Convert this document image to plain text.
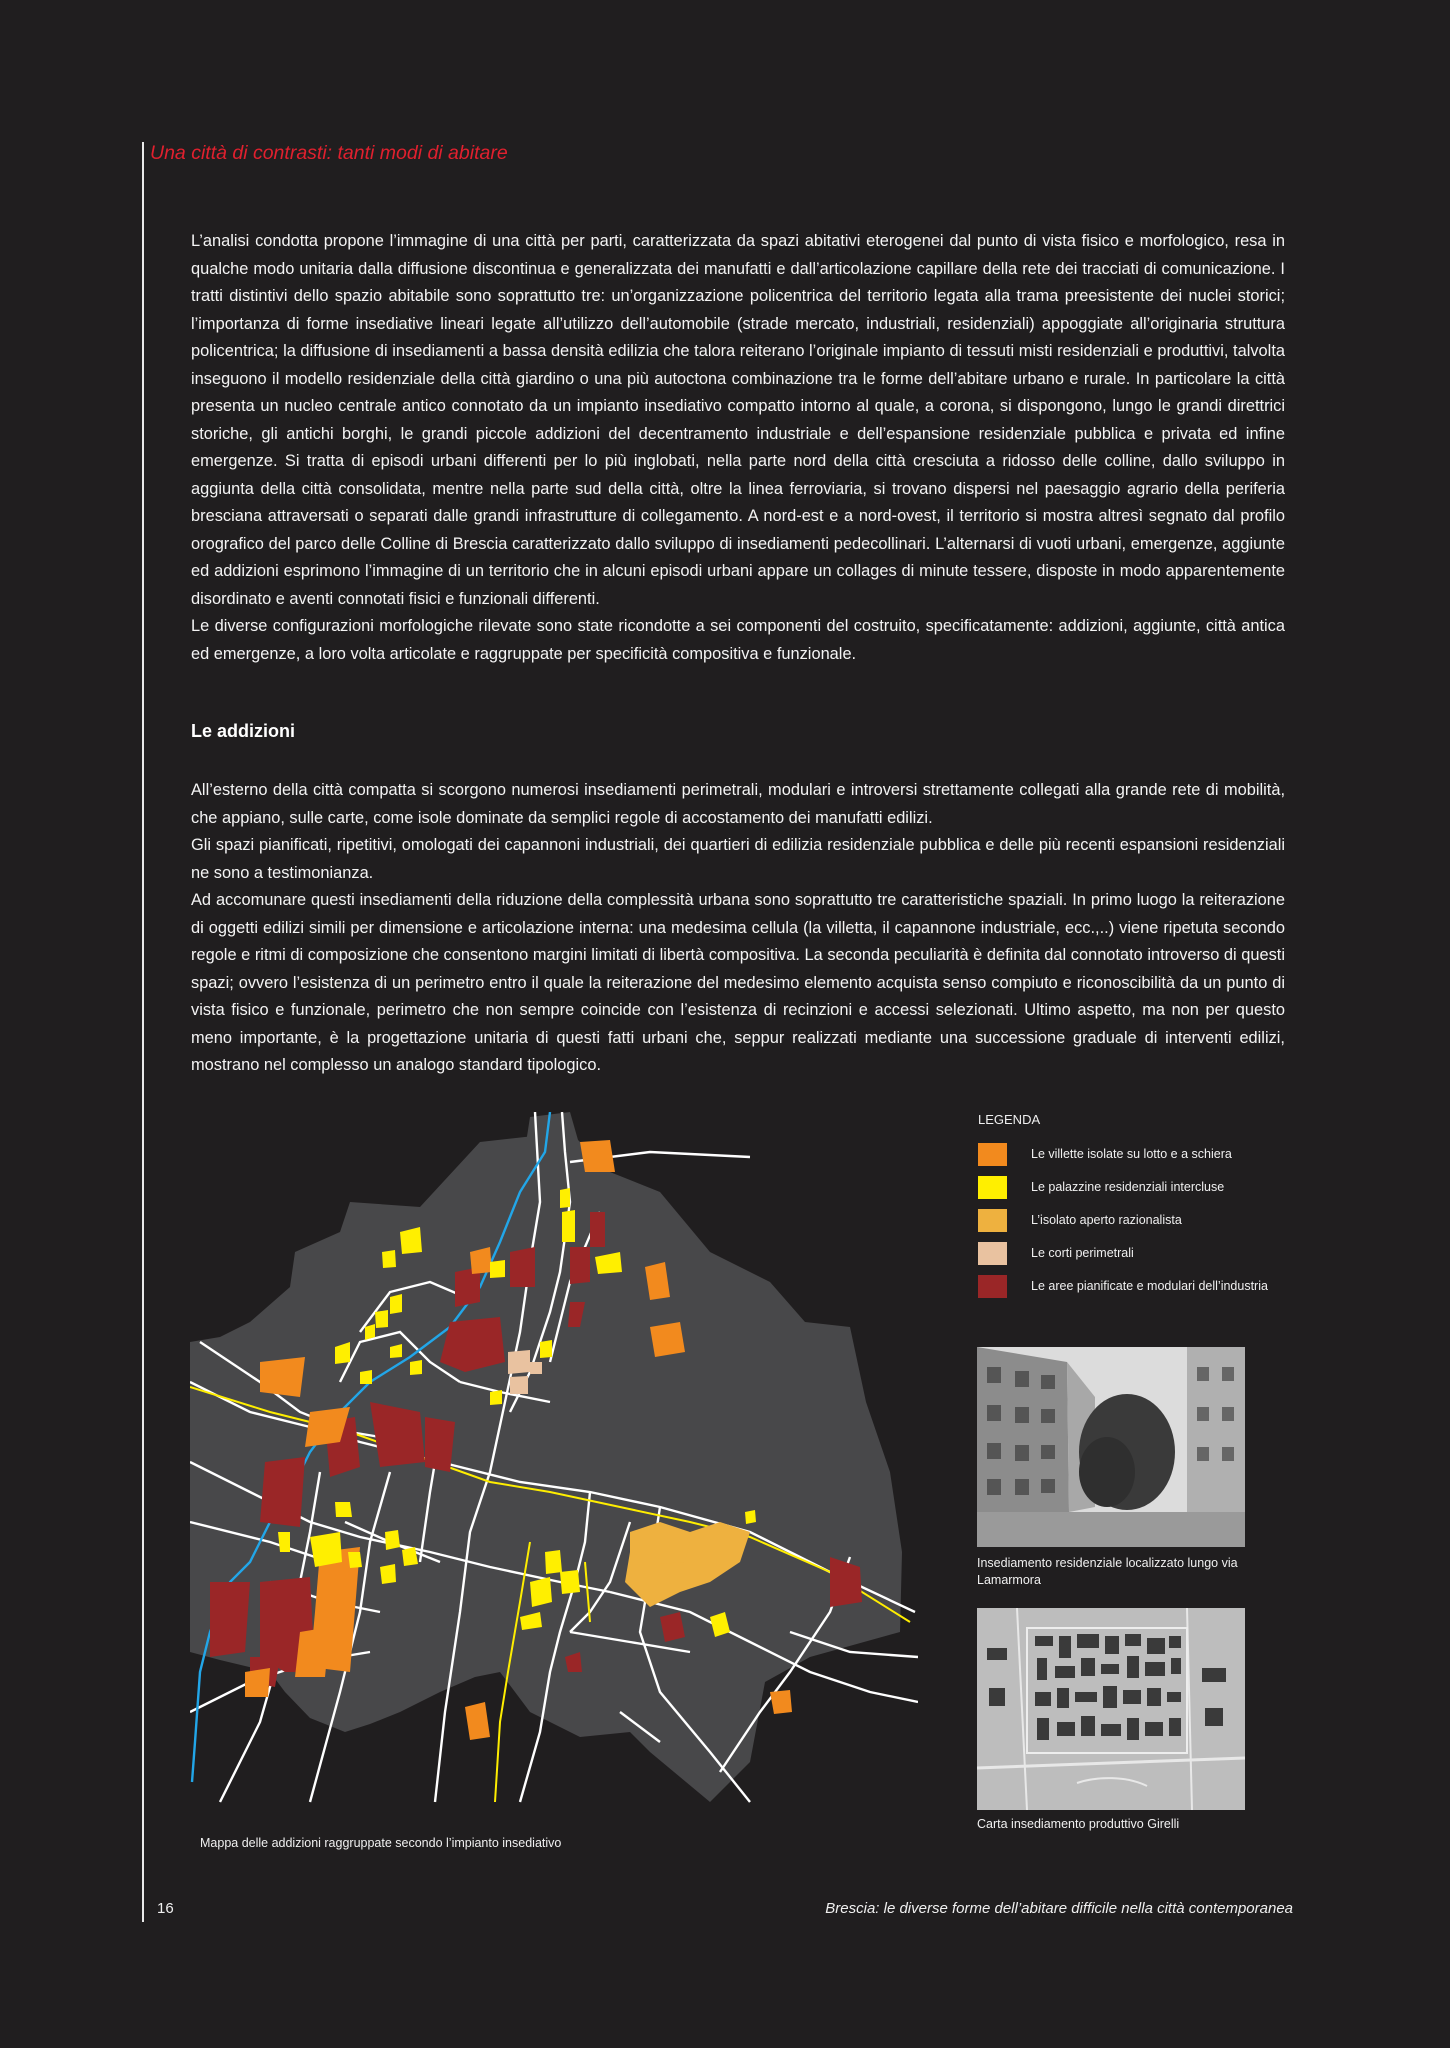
Una città di contrasti: tanti modi di abitare

L’analisi condotta propone l’immagine di una città per parti, caratterizzata da spazi abitativi eterogenei dal punto di vista fisico e morfologico, resa in qualche modo unitaria dalla diffusione discontinua e generalizzata dei manufatti e dall’articolazione capillare della rete dei tracciati di comunicazione. I tratti distintivi dello spazio abitabile sono soprattutto tre: un’organizzazione policentrica del territorio legata alla trama preesistente dei nuclei storici; l’importanza di forme insediative lineari legate all’utilizzo dell’automobile (strade mercato, industriali, residenziali) appoggiate all’originaria struttura policentrica; la diffusione di insediamenti a bassa densità edilizia che talora reiterano l’originale impianto di tessuti misti residenziali e produttivi, talvolta inseguono il modello residenziale della città giardino o una più autoctona combinazione tra le forme dell’abitare urbano e rurale. In particolare la città presenta un nucleo centrale antico connotato da un impianto insediativo compatto intorno al quale, a corona, si dispongono, lungo le grandi direttrici storiche, gli antichi borghi, le grandi piccole addizioni del decentramento industriale e dell’espansione residenziale pubblica e privata ed infine emergenze. Si tratta di episodi urbani differenti per lo più inglobati, nella parte nord della città cresciuta a ridosso delle colline, dallo sviluppo in aggiunta della città consolidata, mentre nella parte sud della città, oltre la linea ferroviaria, si trovano dispersi nel paesaggio agrario della periferia bresciana attraversati o separati dalle grandi infrastrutture di collegamento. A nord-est e a nord-ovest, il territorio si mostra altresì segnato dal profilo orografico del parco delle Colline di Brescia caratterizzato dallo sviluppo di insediamenti pedecollinari. L’alternarsi di vuoti urbani, emergenze, aggiunte ed addizioni esprimono l’immagine di un territorio che in alcuni episodi urbani appare un collages di minute tessere, disposte in modo apparentemente disordinato e aventi connotati fisici e funzionali differenti.

Le diverse configurazioni morfologiche rilevate sono state ricondotte a sei componenti del costruito, specificatamente: addizioni, aggiunte, città antica ed emergenze, a loro volta articolate e raggruppate per specificità compositiva e funzionale.

Le addizioni

All’esterno della città compatta si scorgono numerosi insediamenti perimetrali, modulari e introversi strettamente collegati alla grande rete di mobilità, che appiano, sulle carte, come isole dominate da semplici regole di accostamento dei manufatti edilizi.

Gli spazi pianificati, ripetitivi, omologati dei capannoni industriali, dei quartieri di edilizia residenziale pubblica e delle più recenti espansioni residenziali ne sono a testimonianza.

Ad accomunare questi insediamenti della riduzione della complessità urbana sono soprattutto tre caratteristiche spaziali. In primo luogo la reiterazione di oggetti edilizi simili per dimensione e articolazione interna: una medesima cellula (la villetta, il capannone industriale, ecc.,..) viene ripetuta secondo regole e ritmi di composizione che consentono margini limitati di libertà compositiva. La seconda peculiarità è definita dal connotato introverso di questi spazi; ovvero l’esistenza di un perimetro entro il quale la reiterazione del medesimo elemento acquista senso compiuto e riconoscibilità da un punto di vista fisico e funzionale, perimetro che non sempre coincide con l’esistenza di recinzioni e accessi selezionati. Ultimo aspetto, ma non per questo meno importante, è la progettazione unitaria di questi fatti urbani che, seppur realizzati mediante una successione graduale di interventi edilizi, mostrano nel complesso un analogo standard tipologico.

Mappa delle addizioni raggruppate secondo l’impianto insediativo
LEGENDA
Le villette isolate su lotto e a schiera
Le palazzine residenziali intercluse
L’isolato aperto razionalista
Le corti perimetrali
Le aree pianificate e modulari dell’industria
Insediamento residenziale localizzato lungo via Lamarmora
Carta insediamento produttivo Girelli
16	Brescia: le diverse forme dell’abitare difficile nella città contemporanea
